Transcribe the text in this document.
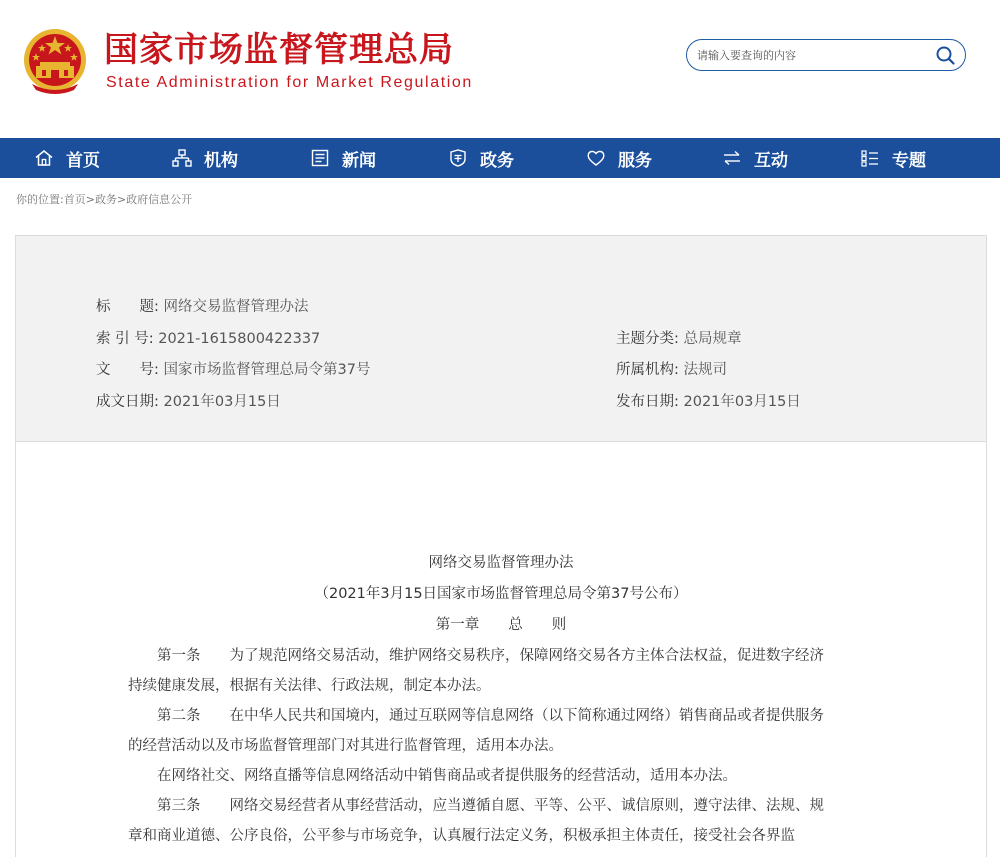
国家市场监督管理总局
State Administration for Market Regulation
请输入要查询的内容
首页	机构	新闻	政务	服务	互动	专题
你的位置:首页>政务>政府信息公开
标　　题: 网络交易监督管理办法
索 引 号: 2021-1615800422337	主题分类: 总局规章
文　　号: 国家市场监督管理总局令第37号	所属机构: 法规司
成文日期: 2021年03月15日	发布日期: 2021年03月15日
网络交易监督管理办法
（2021年3月15日国家市场监督管理总局令第37号公布）
第一章　　总　　则
　　第一条　　为了规范网络交易活动，维护网络交易秩序，保障网络交易各方主体合法权益，促进数字经济
持续健康发展，根据有关法律、行政法规，制定本办法。
　　第二条　　在中华人民共和国境内，通过互联网等信息网络（以下简称通过网络）销售商品或者提供服务
的经营活动以及市场监督管理部门对其进行监督管理，适用本办法。
　　在网络社交、网络直播等信息网络活动中销售商品或者提供服务的经营活动，适用本办法。
　　第三条　　网络交易经营者从事经营活动，应当遵循自愿、平等、公平、诚信原则，遵守法律、法规、规
章和商业道德、公序良俗，公平参与市场竞争，认真履行法定义务，积极承担主体责任，接受社会各界监
